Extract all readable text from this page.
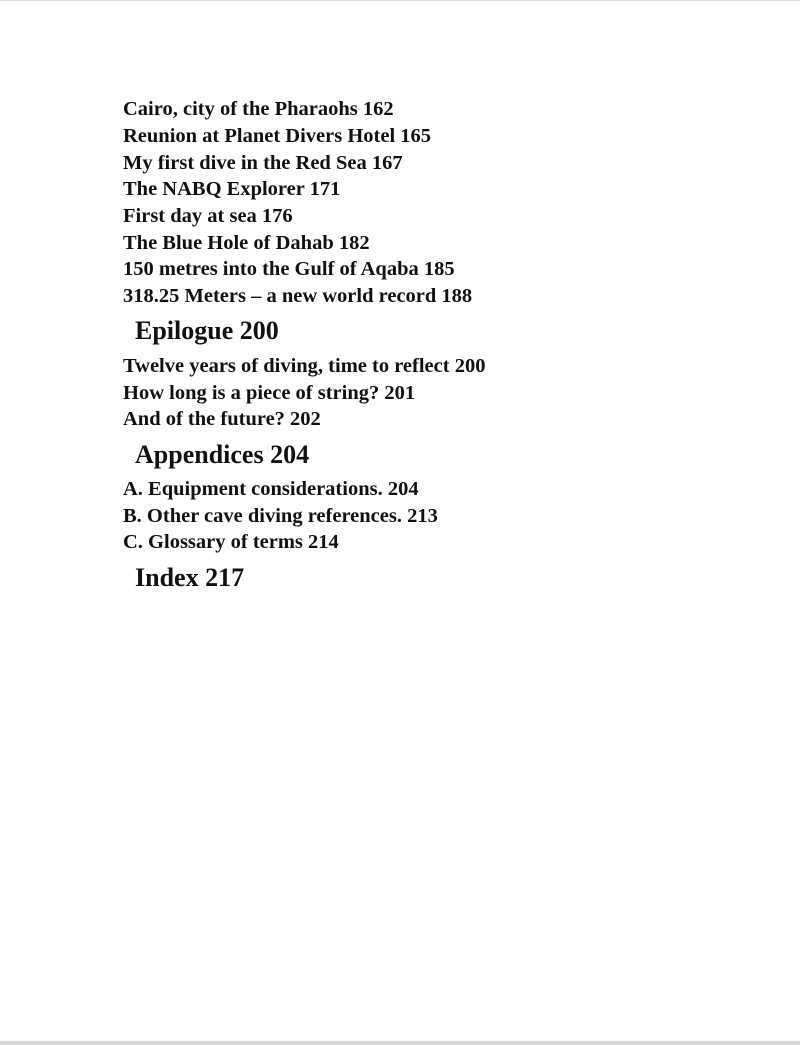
Cairo, city of the Pharaohs 162

Reunion at Planet Divers Hotel 165

My first dive in the Red Sea 167

The NABQ Explorer 171

First day at sea 176

The Blue Hole of Dahab 182

150 metres into the Gulf of Aqaba 185

318.25 Meters – a new world record 188

Epilogue 200

Twelve years of diving, time to reflect 200

How long is a piece of string? 201

And of the future? 202

Appendices 204

A. Equipment considerations. 204

B. Other cave diving references. 213

C. Glossary of terms 214

Index 217
